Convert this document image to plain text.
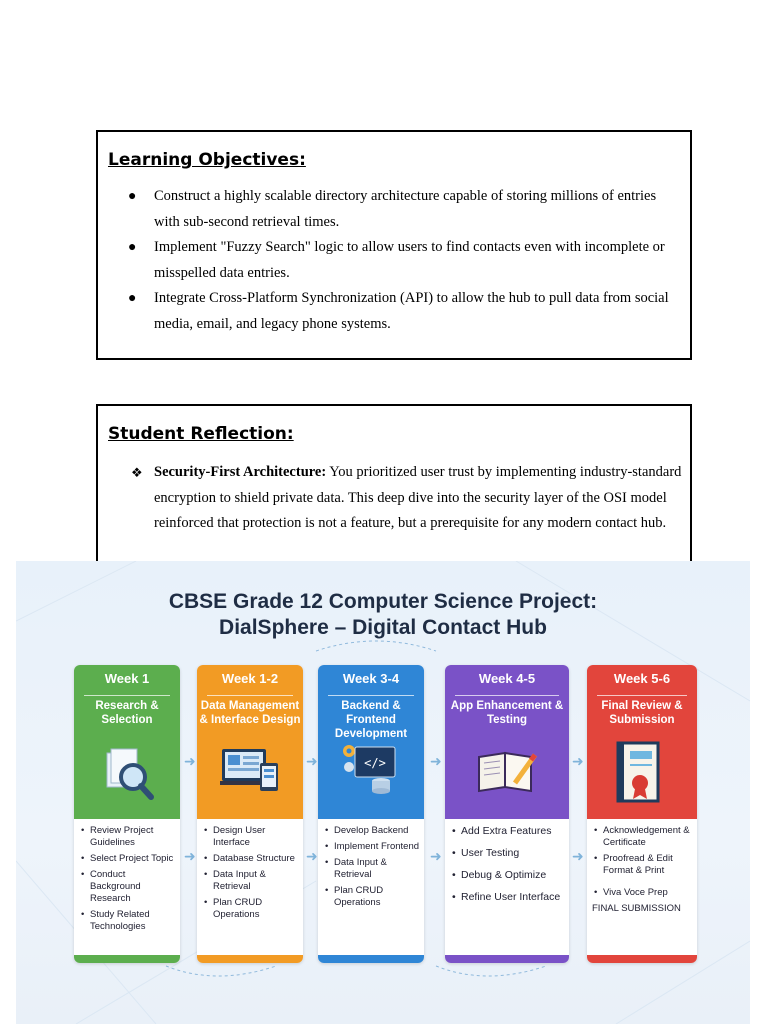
Learning Objectives:
● Construct a highly scalable directory architecture capable of storing millions of entries with sub-second retrieval times.
● Implement "Fuzzy Search" logic to allow users to find contacts even with incomplete or misspelled data entries.
● Integrate Cross-Platform Synchronization (API) to allow the hub to pull data from social media, email, and legacy phone systems.
Student Reflection:
❖ Security-First Architecture: You prioritized user trust by implementing industry-standard encryption to shield private data. This deep dive into the security layer of the OSI model reinforced that protection is not a feature, but a prerequisite for any modern contact hub.
CBSE Grade 12 Computer Science Project:
DialSphere – Digital Contact Hub
Week 1
Research & Selection
• Review Project Guidelines
• Select Project Topic
• Conduct Background Research
• Study Related Technologies
Week 1-2
Data Management & Interface Design
• Design User Interface
• Database Structure
• Data Input & Retrieval
• Plan CRUD Operations
Week 3-4
Backend & Frontend Development
</>
• Develop Backend
• Implement Frontend
• Data Input & Retrieval
• Plan CRUD Operations
Week 4-5
App Enhancement & Testing
• Add Extra Features
• User Testing
• Debug & Optimize
• Refine User Interface
Week 5-6
Final Review & Submission
• Acknowledgement & Certificate
• Proofread & Edit Format & Print
• Viva Voce Prep
FINAL SUBMISSION
➜	➜	➜	➜
➜	➜	➜	➜
